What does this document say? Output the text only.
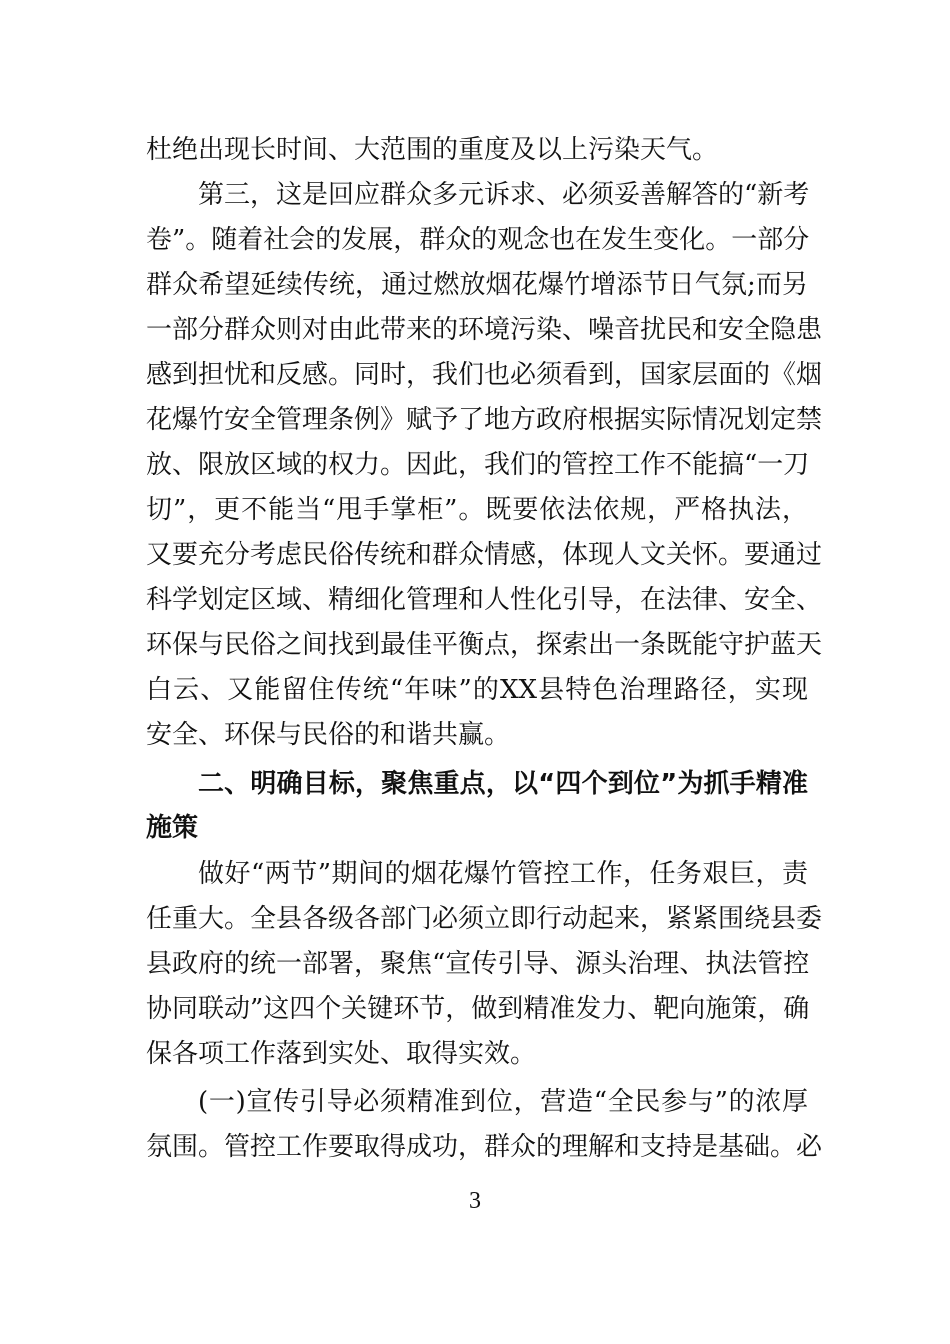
杜绝出现长时间、大范围的重度及以上污染天气。
第三，这是回应群众多元诉求、必须妥善解答的“新考
卷”。随着社会的发展，群众的观念也在发生变化。一部分
群众希望延续传统，通过燃放烟花爆竹增添节日气氛;而另
一部分群众则对由此带来的环境污染、噪音扰民和安全隐患
感到担忧和反感。同时，我们也必须看到，国家层面的《烟
花爆竹安全管理条例》赋予了地方政府根据实际情况划定禁
放、限放区域的权力。因此，我们的管控工作不能搞“一刀
切”，更不能当“甩手掌柜”。既要依法依规，严格执法，
又要充分考虑民俗传统和群众情感，体现人文关怀。要通过
科学划定区域、精细化管理和人性化引导，在法律、安全、
环保与民俗之间找到最佳平衡点，探索出一条既能守护蓝天
白云、又能留住传统“年味”的XX县特色治理路径，实现
安全、环保与民俗的和谐共赢。
二、明确目标，聚焦重点，以“四个到位”为抓手精准
施策
做好“两节”期间的烟花爆竹管控工作，任务艰巨，责
任重大。全县各级各部门必须立即行动起来，紧紧围绕县委
县政府的统一部署，聚焦“宣传引导、源头治理、执法管控
协同联动”这四个关键环节，做到精准发力、靶向施策，确
保各项工作落到实处、取得实效。
(一)宣传引导必须精准到位，营造“全民参与”的浓厚
氛围。管控工作要取得成功，群众的理解和支持是基础。必
3
